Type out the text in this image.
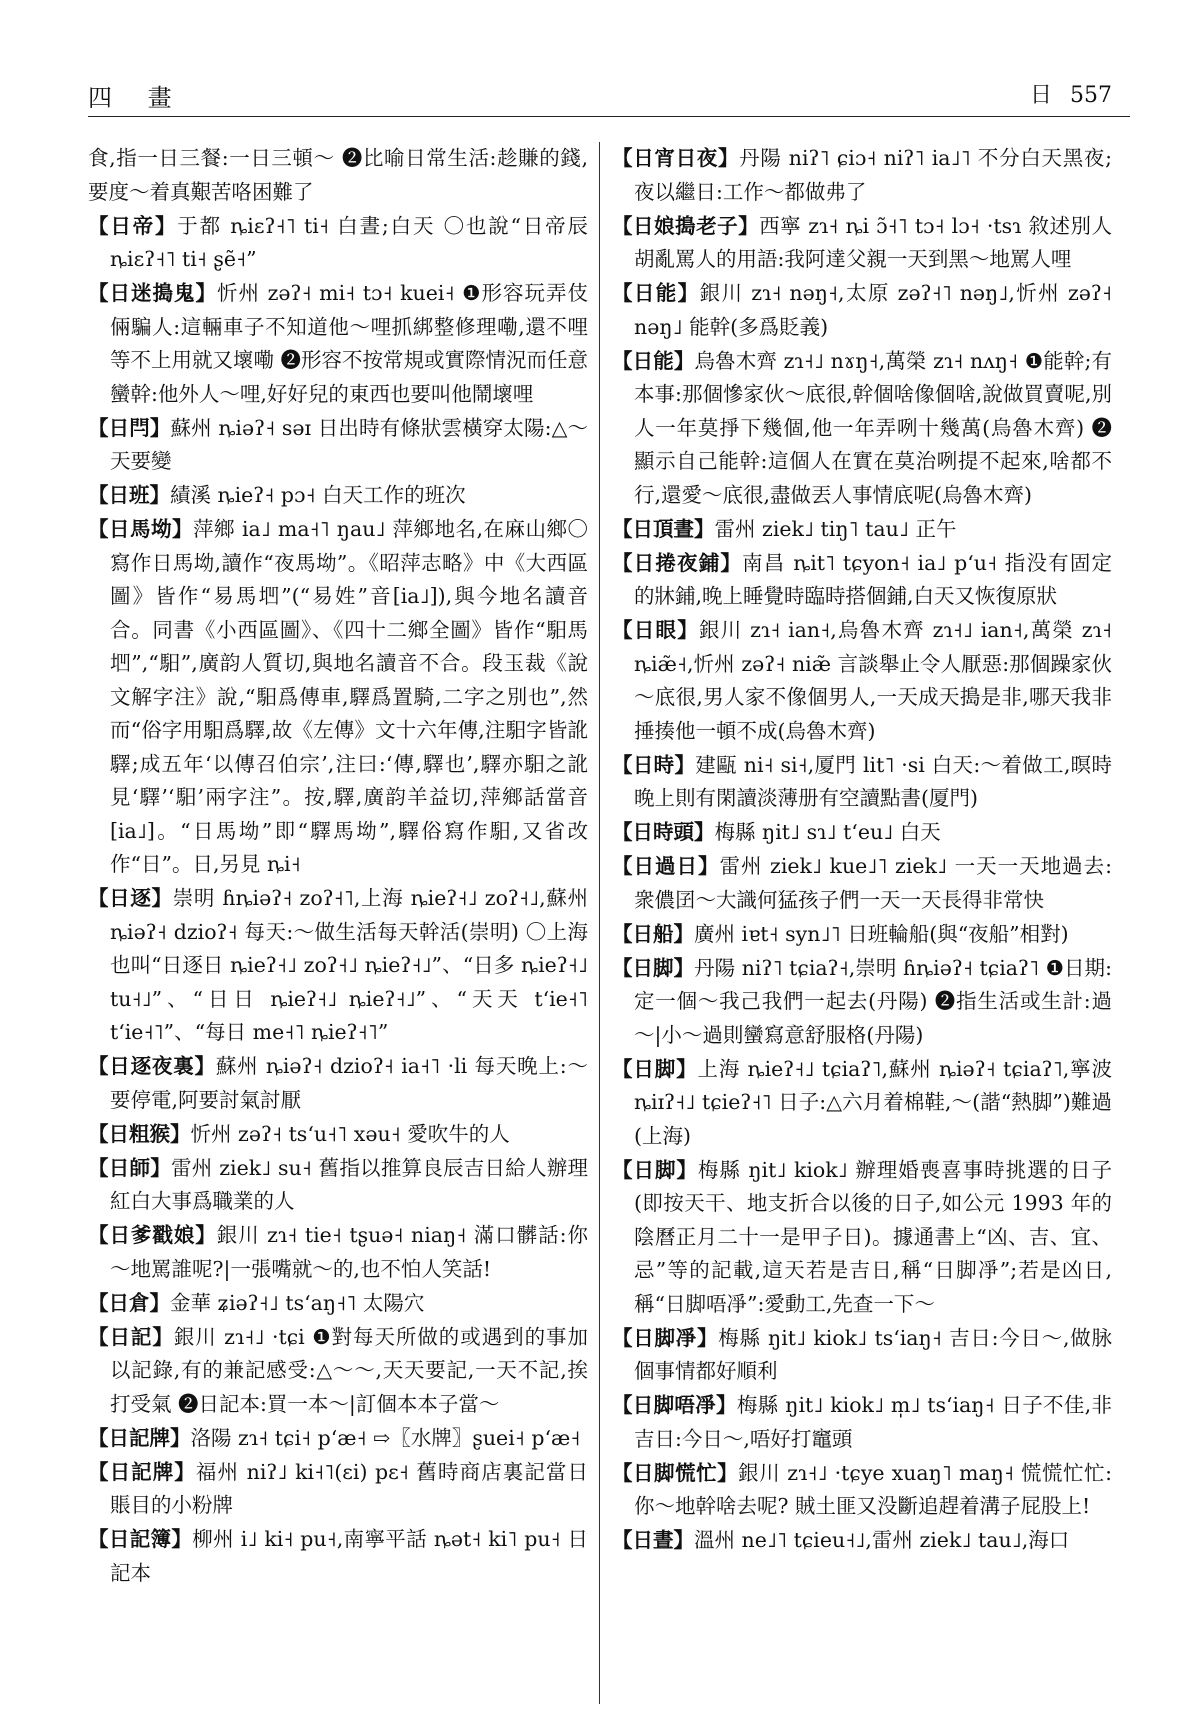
四 畫	日 557

食,指一日三餐:一日三頓～ ❷比喻日常生活:趁賺的錢,要度～着真艱苦咯困難了

【日帝】于都 ȵiɛʔ˧˥ ti˧ 白晝;白天 〇也說“日帝辰 ȵiɛʔ˧˥ ti˧ ʂẽ˧”

【日迷搗鬼】忻州 zəʔ˧ mi˧ tɔ˧ kuei˧ ❶形容玩弄伎倆騙人:這輛車子不知道他～哩抓綁整修理嘞,還不哩等不上用就又壞嘞 ❷形容不按常規或實際情況而任意蠻幹:他外人～哩,好好兒的東西也要叫他鬧壞哩

【日閂】蘇州 ȵiəʔ˧ səɪ 日出時有條狀雲橫穿太陽:△～天要變

【日班】績溪 ȵieʔ˧ pɔ˧ 白天工作的班次

【日馬坳】萍鄉 ia˩ ma˧˥ ŋau˩ 萍鄉地名,在麻山鄉〇寫作日馬坳,讀作“夜馬坳”。《昭萍志略》中《大西區圖》皆作“易馬垇”(“易姓”音[ia˩]),與今地名讀音合。同書《小西區圖》、《四十二鄉全圖》皆作“馹馬垇”,“馹”,廣韵人質切,與地名讀音不合。段玉裁《說文解字注》說,“馹爲傳車,驛爲置騎,二字之別也”,然而“俗字用馹爲驛,故《左傳》文十六年傳,注馹字皆訛驛;成五年‘以傳召伯宗’,注曰:‘傳,驛也’,驛亦馹之訛見‘驛’‘馹’兩字注”。按,驛,廣韵羊益切,萍鄉話當音[ia˩]。“日馬坳”即“驛馬坳”,驛俗寫作馹,又省改作“日”。日,另見 ȵi˧

【日逐】崇明 ɦȵiəʔ˧ zoʔ˧˥,上海 ȵieʔ˧˩ zoʔ˧˩,蘇州 ȵiəʔ˧ dzioʔ˧ 每天:～做生活每天幹活(崇明) 〇上海也叫“日逐日 ȵieʔ˧˩ zoʔ˧˩ ȵieʔ˧˩”、“日多 ȵieʔ˧˩ tu˧˩”、“日日 ȵieʔ˧˩ ȵieʔ˧˩”、“天天 tʻie˧˥ tʻie˧˥”、“每日 me˧˥ ȵieʔ˧˥”

【日逐夜裏】蘇州 ȵiəʔ˧ dzioʔ˧ ia˧˥ ·li 每天晚上:～要停電,阿要討氣討厭

【日粗猴】忻州 zəʔ˧ tsʻu˧˥ xəu˧ 愛吹牛的人

【日師】雷州 ziek˩ su˧ 舊指以推算良辰吉日給人辦理紅白大事爲職業的人

【日爹戳娘】銀川 zɿ˧ tie˧ tʂuə˧ niaŋ˧ 滿口髒話:你～地罵誰呢?|一張嘴就～的,也不怕人笑話!

【日倉】金華 ʑiəʔ˧˩ tsʻaŋ˧˥ 太陽穴

【日記】銀川 zɿ˧˩ ·tɕi ❶對每天所做的或遇到的事加以記錄,有的兼記感受:△～～,天天要記,一天不記,挨打受氣 ❷日記本:買一本～|訂個本本子當～

【日記牌】洛陽 zɿ˧ tɕi˧ pʻæ˧ ⇨〖水牌〗ʂuei˧ pʻæ˧

【日記牌】福州 niʔ˩ ki˧˥(ɛi) pɛ˧ 舊時商店裏記當日賬目的小粉牌

【日記簿】柳州 i˩ ki˧ pu˧,南寧平話 ȵət˧ ki˥ pu˧ 日記本

【日宵日夜】丹陽 niʔ˥ ɕiɔ˧ niʔ˥ ia˩˥ 不分白天黑夜;夜以繼日:工作～都做弗了

【日娘搗老子】西寧 zɿ˧ ȵi ɔ̃˧˥ tɔ˧ lɔ˧ ·tsɿ 敘述別人胡亂罵人的用語:我阿達父親一天到黑～地罵人哩

【日能】銀川 zɿ˧ nəŋ˧,太原 zəʔ˧˥ nəŋ˩,忻州 zəʔ˧ nəŋ˩ 能幹(多爲貶義)

【日能】烏魯木齊 zɿ˧˩ nɤŋ˧,萬榮 zɿ˧ nʌŋ˧ ❶能幹;有本事:那個慘家伙～底很,幹個啥像個啥,說做買賣呢,別人一年莫掙下幾個,他一年弄咧十幾萬(烏魯木齊) ❷顯示自己能幹:這個人在實在莫治咧提不起來,啥都不行,還愛～底很,盡做丟人事情底呢(烏魯木齊)

【日頂晝】雷州 ziek˩ tiŋ˥ tau˩ 正午

【日捲夜鋪】南昌 ȵit˥ tɕyon˧ ia˩ pʻu˧ 指没有固定的牀鋪,晚上睡覺時臨時搭個鋪,白天又恢復原狀

【日眼】銀川 zɿ˧ ian˧,烏魯木齊 zɿ˧˩ ian˧,萬榮 zɿ˧ ȵiæ̃˧,忻州 zəʔ˧ niæ̃ 言談舉止令人厭惡:那個躁家伙～底很,男人家不像個男人,一天成天搗是非,哪天我非捶揍他一頓不成(烏魯木齊)

【日時】建甌 ni˧ si˧,厦門 lit˥ ·si 白天:～着做工,暝時晚上則有閑讀淡薄册有空讀點書(厦門)

【日時頭】梅縣 ŋit˩ sɿ˩ tʻeu˩ 白天

【日過日】雷州 ziek˩ kue˩˥ ziek˩ 一天一天地過去:衆儂囝～大識何猛孩子們一天一天長得非常快

【日船】廣州 iɐt˧ syn˩˥ 日班輪船(與“夜船”相對)

【日脚】丹陽 niʔ˥ tɕiaʔ˧,崇明 ɦȵiəʔ˧ tɕiaʔ˥ ❶日期:定一個～我己我們一起去(丹陽) ❷指生活或生計:過～|小～過則蠻寫意舒服格(丹陽)

【日脚】上海 ȵieʔ˧˩ tɕiaʔ˥,蘇州 ȵiəʔ˧ tɕiaʔ˥,寧波 ȵiɪʔ˧˩ tɕieʔ˧˥ 日子:△六月着棉鞋,～(諧“熱脚”)難過(上海)

【日脚】梅縣 ŋit˩ kiok˩ 辦理婚喪喜事時挑選的日子(即按天干、地支折合以後的日子,如公元 1993 年的陰曆正月二十一是甲子日)。據通書上“凶、吉、宜、忌”等的記載,這天若是吉日,稱“日脚凈”;若是凶日,稱“日脚唔凈”:愛動工,先查一下～

【日脚凈】梅縣 ŋit˩ kiok˩ tsʻiaŋ˧ 吉日:今日～,做脉個事情都好順利

【日脚唔凈】梅縣 ŋit˩ kiok˩ m̩˩ tsʻiaŋ˧ 日子不佳,非吉日:今日～,唔好打竈頭

【日脚慌忙】銀川 zɿ˧˩ ·tɕye xuaŋ˥ maŋ˧ 慌慌忙忙:你～地幹啥去呢? 賊土匪又没斷追趕着溝子屁股上!

【日晝】溫州 ne˩˥ tɕieu˧˩,雷州 ziek˩ tau˩,海口
